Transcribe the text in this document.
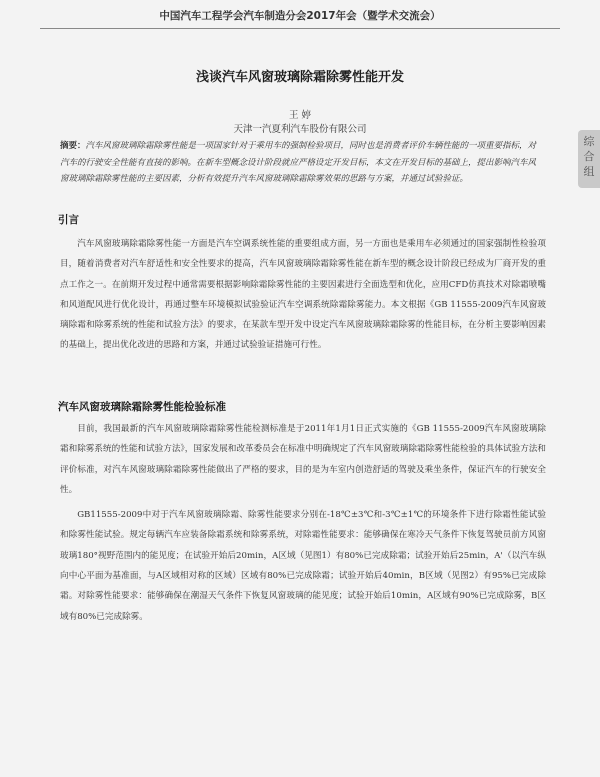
中国汽车工程学会汽车制造分会2017年会（暨学术交流会）
浅谈汽车风窗玻璃除霜除雾性能开发
王 婷
天津一汽夏利汽车股份有限公司
摘要：汽车风窗玻璃除霜除雾性能是一项国家针对于乘用车的强制检验项目，同时也是消费者评价车辆性能的一项重要指标，对汽车的行驶安全性能有直接的影响。在新车型概念设计阶段就应严格设定开发目标，本文在开发目标的基础上，提出影响汽车风窗玻璃除霜除雾性能的主要因素，分析有效提升汽车风窗玻璃除霜除雾效果的思路与方案，并通过试验验证。
引言

汽车风窗玻璃除霜除雾性能一方面是汽车空调系统性能的重要组成方面，另一方面也是乘用车必须通过的国家强制性检验项目，随着消费者对汽车舒适性和安全性要求的提高，汽车风窗玻璃除霜除雾性能在新车型的概念设计阶段已经成为厂商开发的重点工作之一。在前期开发过程中通常需要根据影响除霜除雾性能的主要因素进行全面选型和优化，应用CFD仿真技术对除霜喷嘴和风道配风进行优化设计，再通过整车环境模拟试验验证汽车空调系统除霜除雾能力。本文根据《GB 11555-2009汽车风窗玻璃除霜和除雾系统的性能和试验方法》的要求，在某款车型开发中设定汽车风窗玻璃除霜除雾的性能目标，在分析主要影响因素的基础上，提出优化改进的思路和方案，并通过试验验证措施可行性。

汽车风窗玻璃除霜除雾性能检验标准

目前，我国最新的汽车风窗玻璃除霜除雾性能检测标准是于2011年1月1日正式实施的《GB 11555-2009汽车风窗玻璃除霜和除雾系统的性能和试验方法》，国家发展和改革委员会在标准中明确规定了汽车风窗玻璃除霜除雾性能检验的具体试验方法和评价标准，对汽车风窗玻璃除霜除雾性能做出了严格的要求，目的是为车室内创造舒适的驾驶及乘坐条件，保证汽车的行驶安全性。

GB11555-2009中对于汽车风窗玻璃除霜、除雾性能要求分别在-18℃±3℃和-3℃±1℃的环境条件下进行除霜性能试验和除雾性能试验。规定每辆汽车应装备除霜系统和除雾系统，对除霜性能要求：能够确保在寒冷天气条件下恢复驾驶员前方风窗玻璃180°视野范围内的能见度；在试验开始后20min，A区域（见图1）有80%已完成除霜；试验开始后25min，A'（以汽车纵向中心平面为基准面，与A区域相对称的区域）区域有80%已完成除霜；试验开始后40min，B区域（见图2）有95%已完成除霜。对除雾性能要求：能够确保在潮湿天气条件下恢复风窗玻璃的能见度；试验开始后10min，A区域有90%已完成除雾，B区域有80%已完成除雾。

综合组
